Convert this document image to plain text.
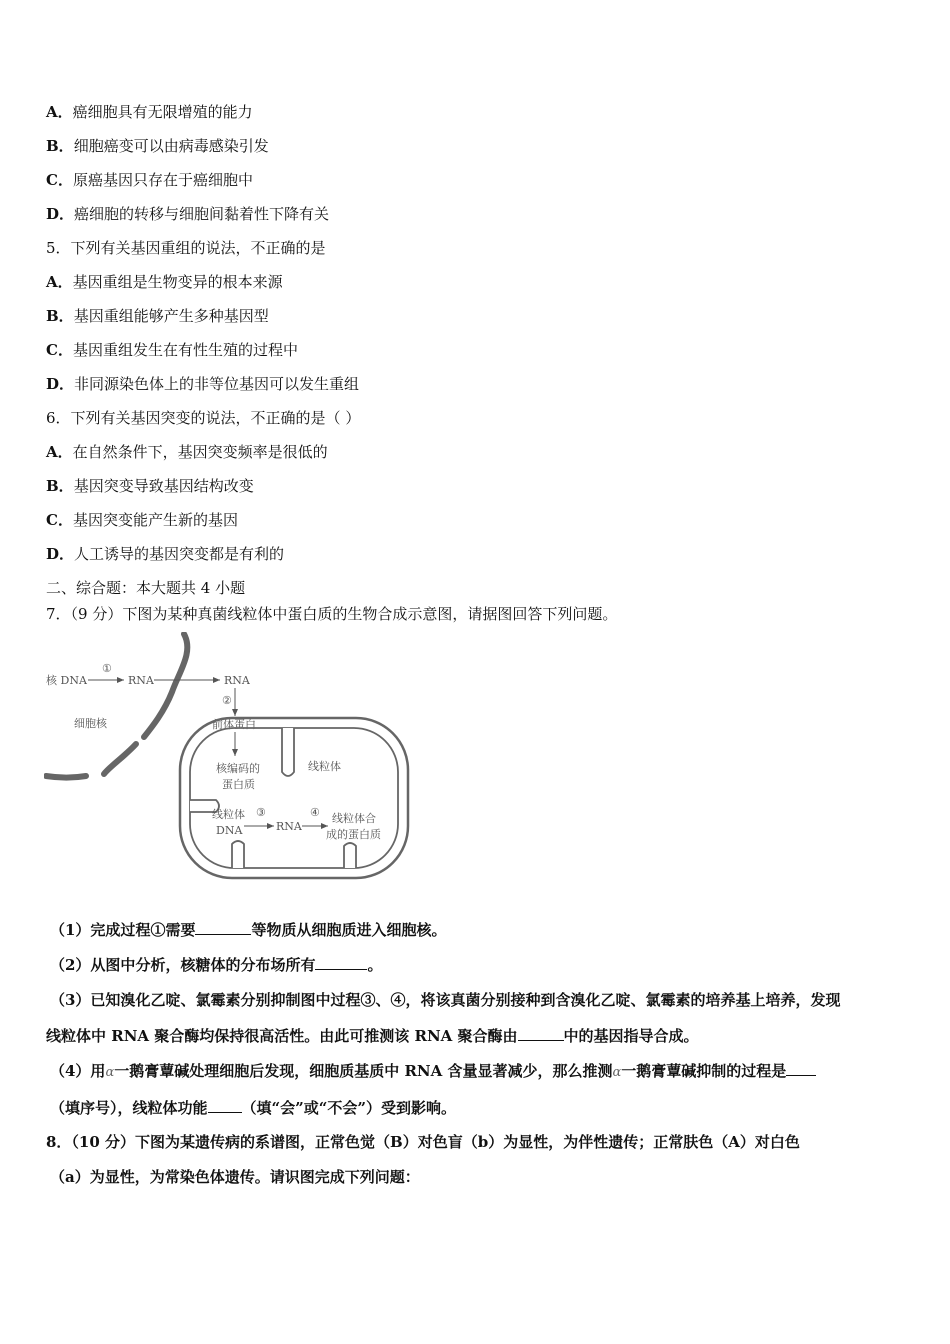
A．癌细胞具有无限增殖的能力
B．细胞癌变可以由病毒感染引发
C．原癌基因只存在于癌细胞中
D．癌细胞的转移与细胞间黏着性下降有关
5．下列有关基因重组的说法，不正确的是
A．基因重组是生物变异的根本来源
B．基因重组能够产生多种基因型
C．基因重组发生在有性生殖的过程中
D．非同源染色体上的非等位基因可以发生重组
6．下列有关基因突变的说法，不正确的是（ ）
A．在自然条件下，基因突变频率是很低的
B．基因突变导致基因结构改变
C．基因突变能产生新的基因
D．人工诱导的基因突变都是有利的
二、综合题：本大题共 4 小题
7．（9 分）下图为某种真菌线粒体中蛋白质的生物合成示意图，请据图回答下列问题。
核 DNA
①
RNA	RNA
②
细胞核	前体蛋白
核编码的
蛋白质
线粒体
线粒体
DNA
③
RNA
④ 线粒体合
成的蛋白质
（1）完成过程①需要	等物质从细胞质进入细胞核。
（2）从图中分析，核糖体的分布场所有	。
（3）已知溴化乙啶、氯霉素分别抑制图中过程③、④，将该真菌分别接种到含溴化乙啶、氯霉素的培养基上培养，发现
线粒体中 RNA 聚合酶均保持很高活性。由此可推测该 RNA 聚合酶由	中的基因指导合成。
（4）用α一鹅膏蕈碱处理细胞后发现，细胞质基质中 RNA 含量显著减少，那么推测α一鹅膏蕈碱抑制的过程是
（填序号），线粒体功能 （填“会”或“不会”）受到影响。
8．（10 分）下图为某遗传病的系谱图，正常色觉（B）对色盲（b）为显性，为伴性遗传；正常肤色（A）对白色
（a）为显性，为常染色体遗传。请识图完成下列问题：
